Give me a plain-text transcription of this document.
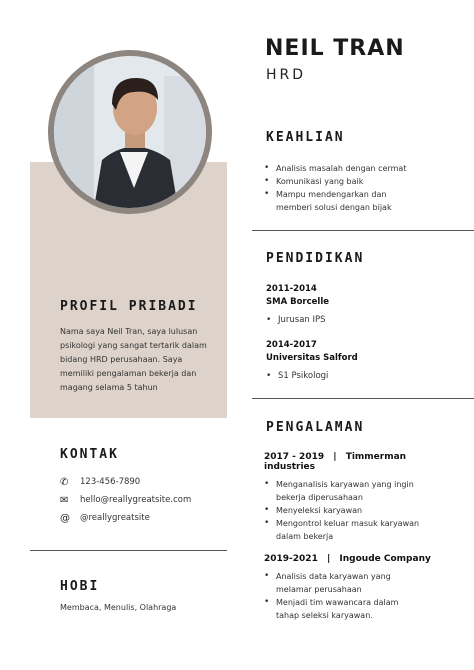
PROFIL PRIBADI
Nama saya Neil Tran, saya lulusan psikologi yang sangat tertarik dalam bidang HRD perusahaan. Saya memiliki pengalaman bekerja dan magang selama 5 tahun
KONTAK
✆	123-456-7890
✉	hello@reallygreatsite.com
@	@reallygreatsite
HOBI
Membaca, Menulis, Olahraga
NEIL TRAN
HRD
KEAHLIAN
• Analisis masalah dengan cermat
• Komunikasi yang baik
• Mampu mendengarkan dan memberi solusi dengan bijak
PENDIDIKAN
2011-2014
SMA Borcelle
• Jurusan IPS
2014-2017
Universitas Salford
• S1 Psikologi
PENGALAMAN
2017 - 2019 | Timmerman industries
• Menganalisis karyawan yang ingin bekerja diperusahaan
• Menyeleksi karyawan
• Mengontrol keluar masuk karyawan dalam bekerja
2019-2021 | Ingoude Company
• Analisis data karyawan yang melamar perusahaan
• Menjadi tim wawancara dalam tahap seleksi karyawan.
